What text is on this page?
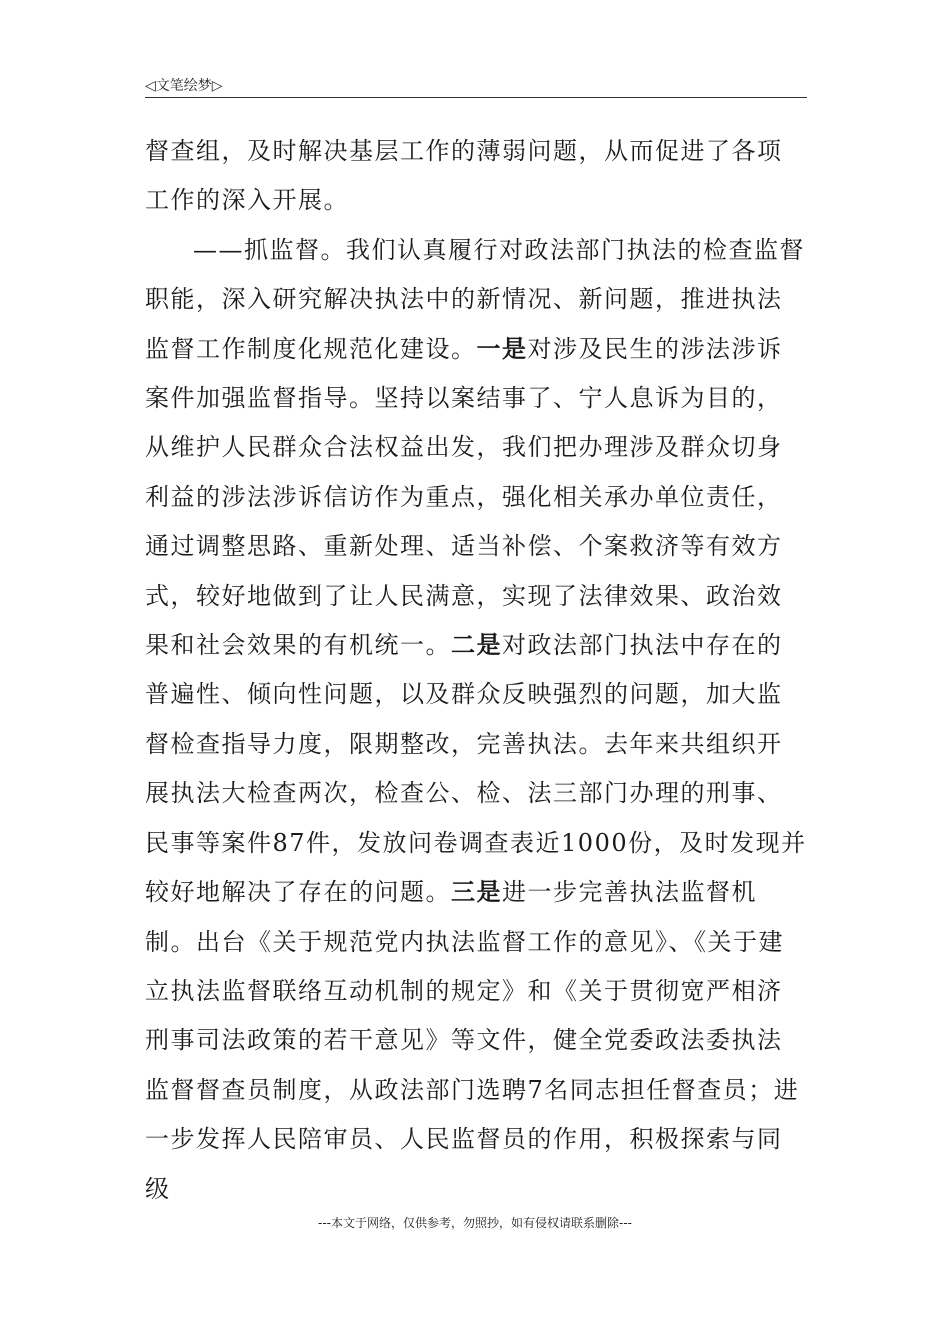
◁文笔绘梦▷

督查组，及时解决基层工作的薄弱问题，从而促进了各项工作的深入开展。

——抓监督。我们认真履行对政法部门执法的检查监督职能，深入研究解决执法中的新情况、新问题，推进执法监督工作制度化规范化建设。一是对涉及民生的涉法涉诉案件加强监督指导。坚持以案结事了、宁人息诉为目的，从维护人民群众合法权益出发，我们把办理涉及群众切身利益的涉法涉诉信访作为重点，强化相关承办单位责任，通过调整思路、重新处理、适当补偿、个案救济等有效方式，较好地做到了让人民满意，实现了法律效果、政治效果和社会效果的有机统一。二是对政法部门执法中存在的普遍性、倾向性问题，以及群众反映强烈的问题，加大监督检查指导力度，限期整改，完善执法。去年来共组织开展执法大检查两次，检查公、检、法三部门办理的刑事、民事等案件87件，发放问卷调查表近1000份，及时发现并较好地解决了存在的问题。三是进一步完善执法监督机制。出台《关于规范党内执法监督工作的意见》、《关于建立执法监督联络互动机制的规定》和《关于贯彻宽严相济刑事司法政策的若干意见》等文件，健全党委政法委执法监督督查员制度，从政法部门选聘7名同志担任督查员；进一步发挥人民陪审员、人民监督员的作用，积极探索与同级

---本文于网络，仅供参考，勿照抄，如有侵权请联系删除---
